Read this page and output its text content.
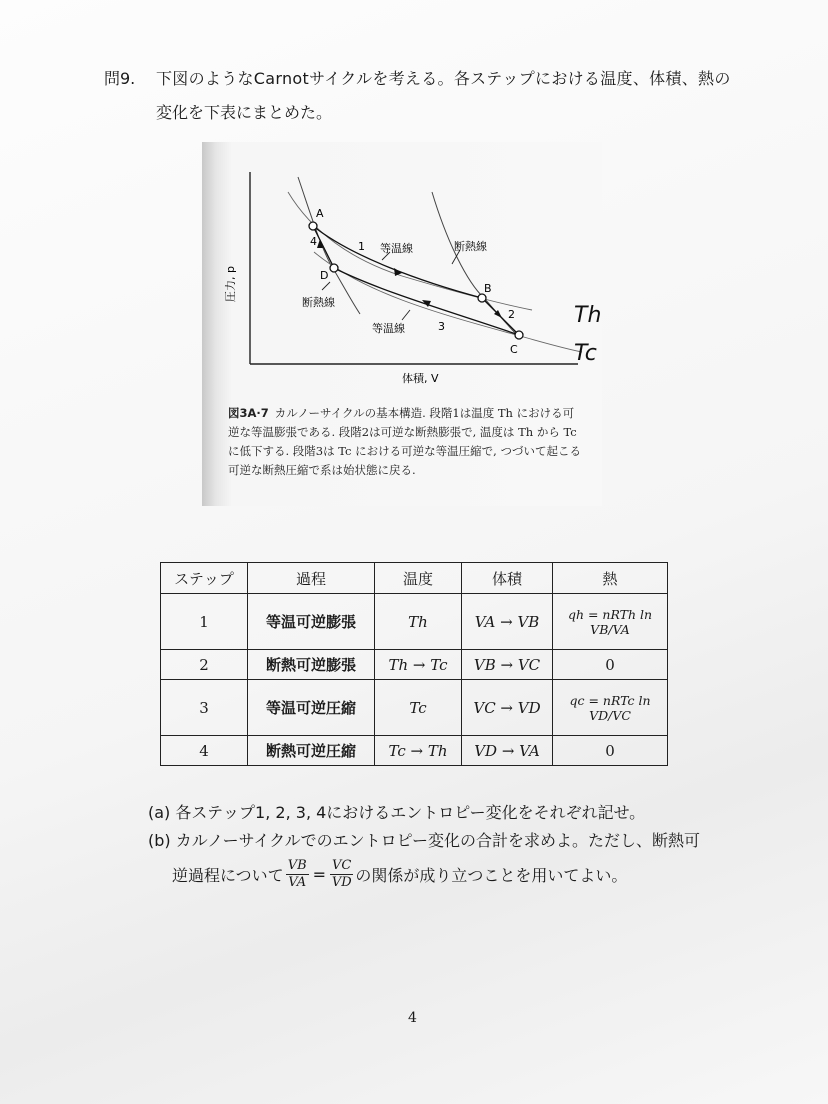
問9. 下図のようなCarnotサイクルを考える。各ステップにおける温度、体積、熱の
変化を下表にまとめた。
A
B
C
D
1
2
3
4
等温線	断熱線
断熱線
等温線
体積, V
圧力, p
Th
Tc
図3A·7 カルノーサイクルの基本構造. 段階1は温度 Th における可逆な等温膨張である. 段階2は可逆な断熱膨張で, 温度は Th から Tc に低下する. 段階3は Tc における可逆な等温圧縮で, つづいて起こる可逆な断熱圧縮で系は始状態に戻る.
ステップ	過程	温度	体積	熱
1	等温可逆膨張	Th	VA → VB	qh = nRTh ln VB/VA
2	断熱可逆膨張	Th → Tc	VB → VC	0
3	等温可逆圧縮	Tc	VC → VD	qc = nRTc ln VD/VC
4	断熱可逆圧縮	Tc → Th	VD → VA	0
(a) 各ステップ1, 2, 3, 4におけるエントロピー変化をそれぞれ記せ。
(b) カルノーサイクルでのエントロピー変化の合計を求めよ。ただし、断熱可
逆過程について $\frac{VB}{VA} = \frac{VC}{VD}$ の関係が成り立つことを用いてよい。
4
